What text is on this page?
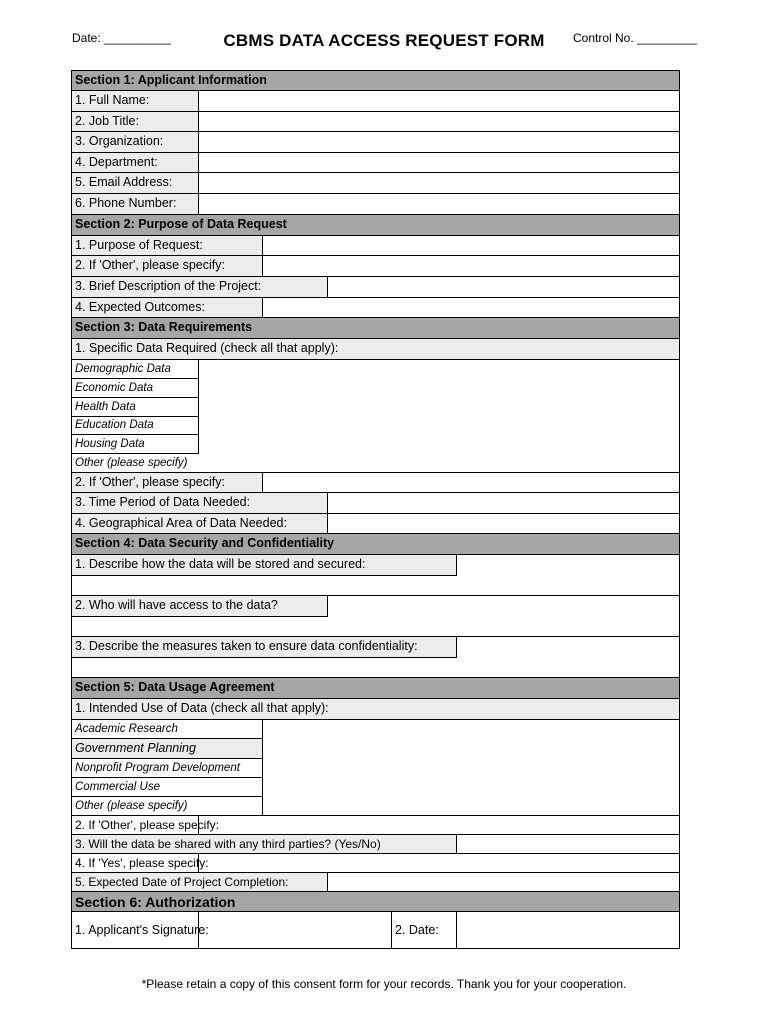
Date: __________	CBMS DATA ACCESS REQUEST FORM	Control No. _________
Section 1: Applicant Information
1. Full Name:
2. Job Title:
3. Organization:
4. Department:
5. Email Address:
6. Phone Number:
Section 2: Purpose of Data Request
1. Purpose of Request:
2. If 'Other', please specify:
3. Brief Description of the Project:
4. Expected Outcomes:
Section 3: Data Requirements
1. Specific Data Required (check all that apply):
Demographic Data
Economic Data
Health Data
Education Data
Housing Data
Other (please specify)
2. If 'Other', please specify:
3. Time Period of Data Needed:
4. Geographical Area of Data Needed:
Section 4: Data Security and Confidentiality
1. Describe how the data will be stored and secured:
2. Who will have access to the data?
3. Describe the measures taken to ensure data confidentiality:
Section 5: Data Usage Agreement
1. Intended Use of Data (check all that apply):
Academic Research
Government Planning
Nonprofit Program Development
Commercial Use
Other (please specify)
2. If 'Other', please specify:
3. Will the data be shared with any third parties? (Yes/No)
4. If 'Yes', please specify:
5. Expected Date of Project Completion:
Section 6: Authorization
1. Applicant's Signature:	2. Date:
*Please retain a copy of this consent form for your records. Thank you for your cooperation.
